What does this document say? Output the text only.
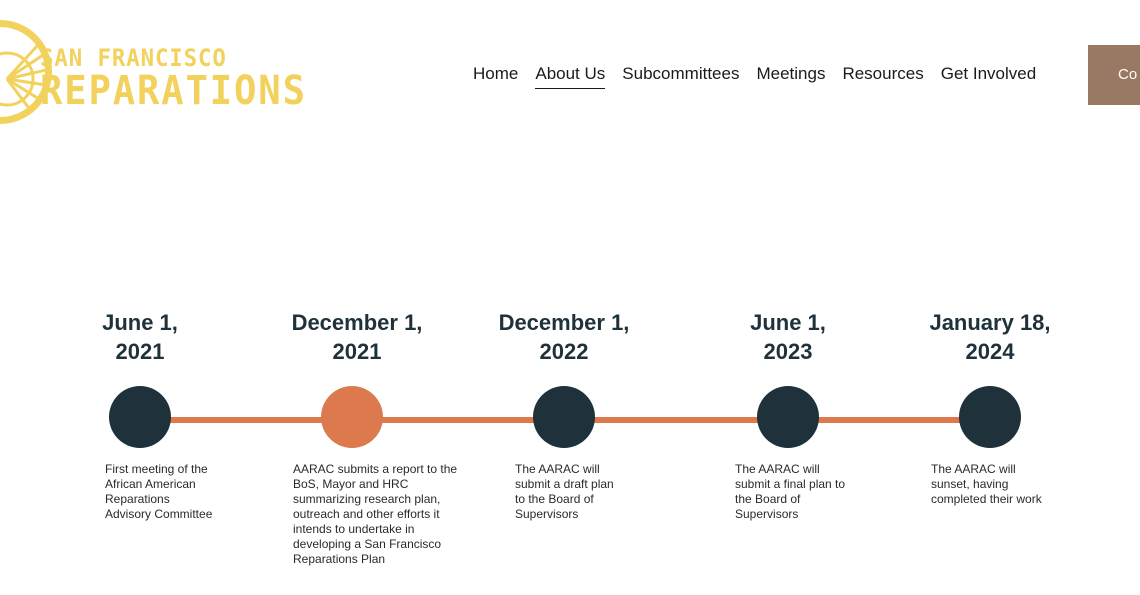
SAN FRANCISCO
REPARATIONS	Home About Us Subcommittees Meetings Resources Get Involved	Co
June 1,
2021
First meeting of the
African American
Reparations
Advisory Committee
December 1,
2021
AARAC submits a report to the
BoS, Mayor and HRC
summarizing research plan,
outreach and other efforts it
intends to undertake in
developing a San Francisco
Reparations Plan
December 1,
2022
The AARAC will
submit a draft plan
to the Board of
Supervisors
June 1,
2023
The AARAC will
submit a final plan to
the Board of
Supervisors
January 18,
2024
The AARAC will
sunset, having
completed their work
